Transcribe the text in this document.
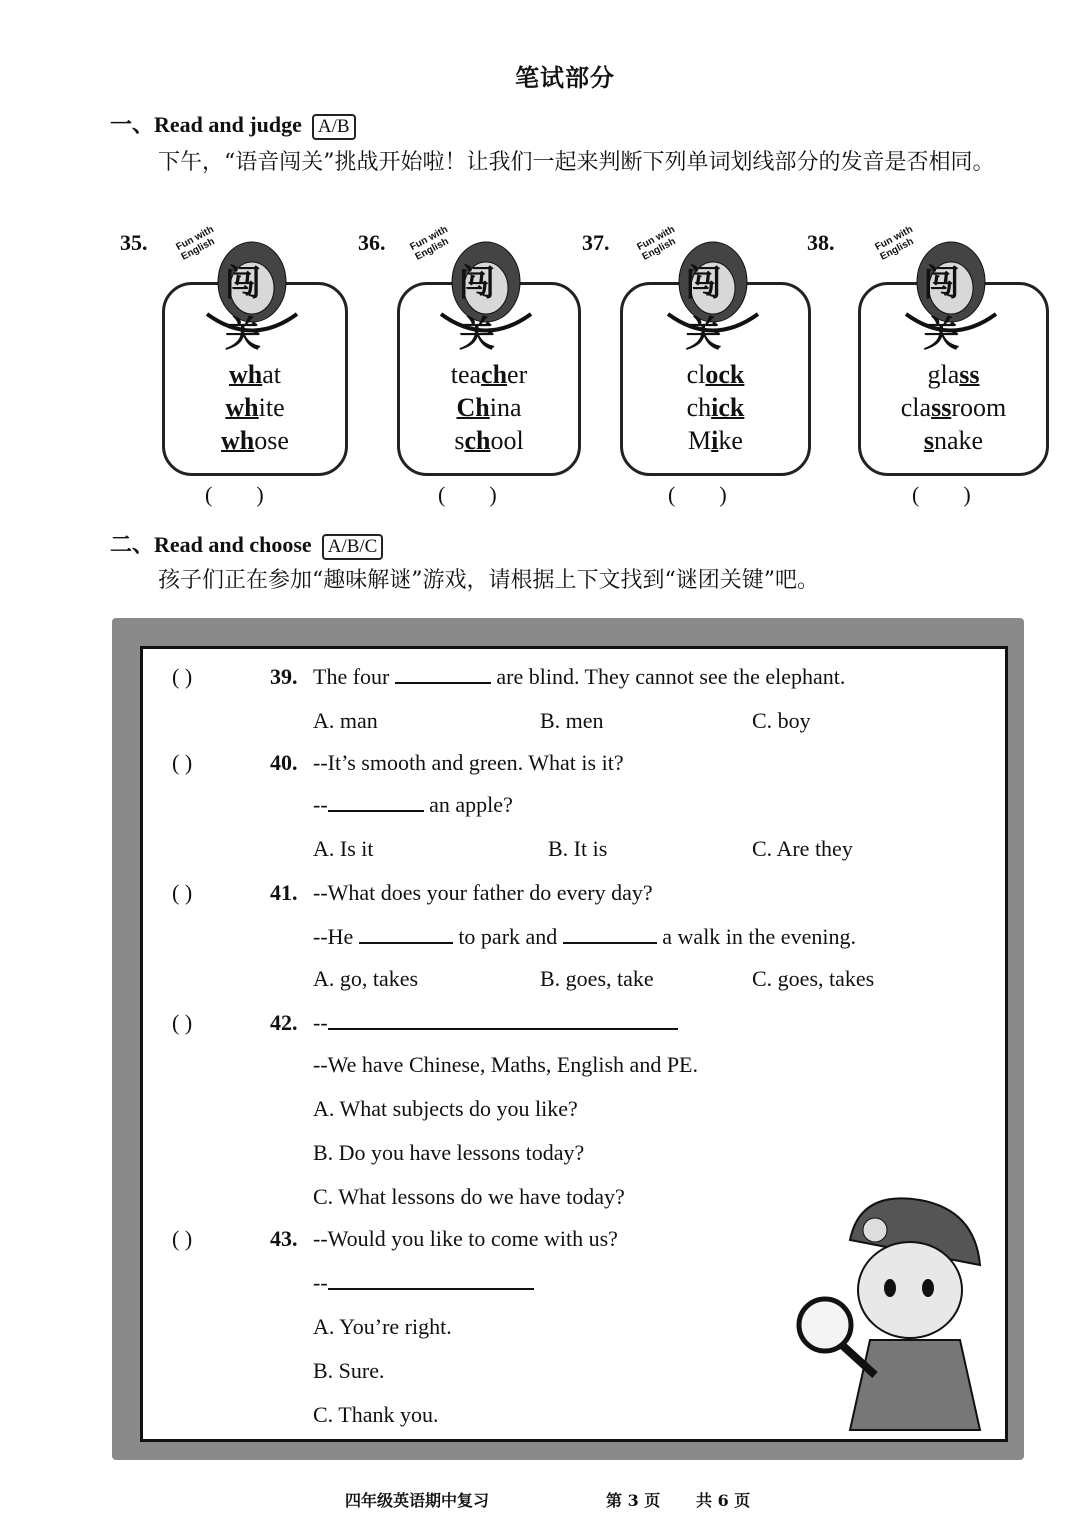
笔试部分
一、Read and judge A/B
下午，“语音闯关”挑战开始啦！让我们一起来判断下列单词划线部分的发音是否相同。
35.
what
white
whose
Fun with English
闯 关
(        )
36.
teacher
China
school
Fun with English
闯 关
(        )
37.
clock
chick
Mike
Fun with English
闯 关
(        )
38.
glass
classroom
snake
Fun with English
闯 关
(        )
二、Read and choose A/B/C
孩子们正在参加“趣味解谜”游戏，请根据上下文找到“谜团关键”吧。
( )	39. The four	are blind. They cannot see the elephant.
A. man	B. men	C. boy
( )	40. --It’s smooth and green. What is it?
--	an apple?
A. Is it	B. It is	C. Are they
( )	41. --What does your father do every day?
--He	to park and	a walk in the evening.
A. go, takes	B. goes, take	C. goes, takes
( )	42. --
--We have Chinese, Maths, English and PE.
A. What subjects do you like?
B. Do you have lessons today?
C. What lessons do we have today?
( )	43. --Would you like to come with us?
--
A. You’re right.
B. Sure.
C. Thank you.
四年级英语期中复习	第 3 页 共 6 页
